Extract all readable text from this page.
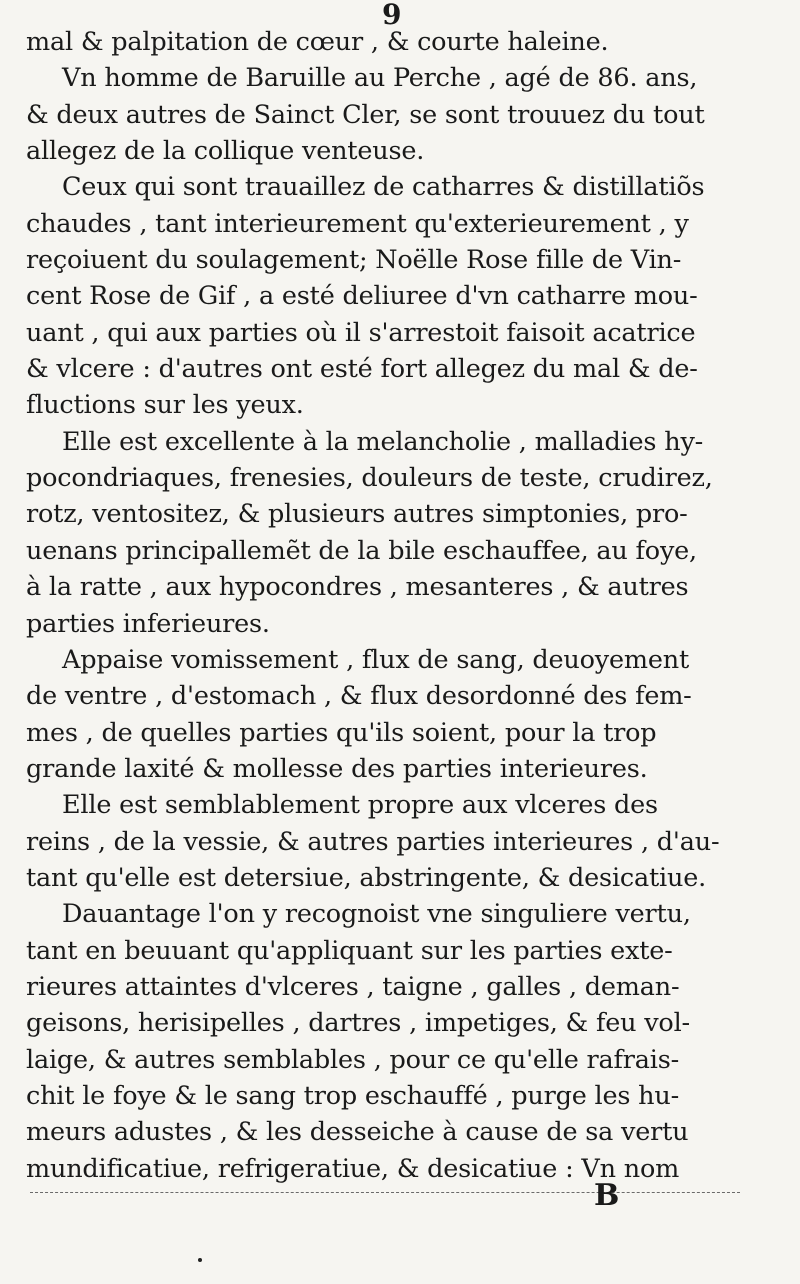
9
mal & palpitation de cœur , & courte haleine.
Vn homme de Baruille au Perche , agé de 86. ans,
& deux autres de Sainct Cler, se sont trouuez du tout
allegez de la collique venteuse.
Ceux qui sont trauaillez de catharres & distillatiõs
chaudes , tant interieurement qu'exterieurement , y
reçoiuent du soulagement; Noëlle Rose fille de Vin-
cent Rose de Gif , a esté deliuree d'vn catharre mou-
uant , qui aux parties où il s'arrestoit faisoit acatrice
& vlcere : d'autres ont esté fort allegez du mal & de-
fluctions sur les yeux.
Elle est excellente à la melancholie , malladies hy-
pocondriaques, frenesies, douleurs de teste, crudirez,
rotz, ventositez, & plusieurs autres simptonies, pro-
uenans principallemẽt de la bile eschauffee, au foye,
à la ratte , aux hypocondres , mesanteres , & autres
parties inferieures.
Appaise vomissement , flux de sang, deuoyement
de ventre , d'estomach , & flux desordonné des fem-
mes , de quelles parties qu'ils soient, pour la trop
grande laxité & mollesse des parties interieures.
Elle est semblablement propre aux vlceres des
reins , de la vessie, & autres parties interieures , d'au-
tant qu'elle est detersiue, abstringente, & desicatiue.
Dauantage l'on y recognoist vne singuliere vertu,
tant en beuuant qu'appliquant sur les parties exte-
rieures attaintes d'vlceres , taigne , galles , deman-
geisons, herisipelles , dartres , impetiges, & feu vol-
laige, & autres semblables , pour ce qu'elle rafrais-
chit le foye & le sang trop eschauffé , purge les hu-
meurs adustes , & les desseiche à cause de sa vertu
mundificatiue, refrigeratiue, & desicatiue : Vn nom
B
